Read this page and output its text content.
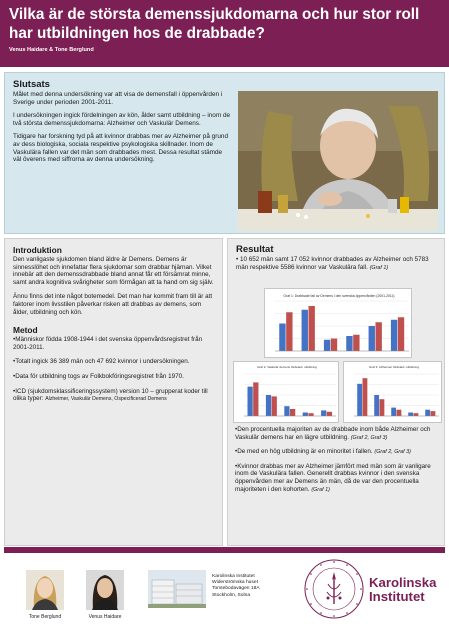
Vilka är de största demenssjukdomarna och hur stor roll har utbildningen hos de drabbade?
Venus Haidare & Tone Berglund
Slutsats

Målet med denna undersökning var att visa de demensfall i öppenvården i Sverige under perioden 2001-2011.

I undersökningen ingick fördelningen av kön, ålder samt utbildning – inom de två största demenssjukdomarna: Alzheimer och Vaskulär Demens.

Tidigare har forskning tyd på att kvinnor drabbas mer av Alzheimer på grund av dess biologiska, sociala respektive psykologiska skillnader. Inom de Vaskulära fallen var det män som drabbades mest. Dessa resultat stämde väl överens med siffrorna av denna undersökning.

Introduktion
Den vanligaste sjukdomen bland äldre är Demens. Demens är sinnesslöhet och innefattar flera sjukdomar som drabbar hjärnan. Vilket innebär att den demenssdrabbade bland annat får ett försämrat minne, samt andra kognitiva svårigheter som förmågan att ta hand om sig själv.
Ännu finns det inte något botemedel. Det man har kommit fram till är att faktorer inom livsstilen påverkar risken att drabbas av demens, som ålder, utbildning och kön.
Metod
•Människor födda 1908-1944 i det svenska öppenvårdsregistret från 2001-2011.
•Totalt ingick 36 389 män och 47 692 kvinnor i undersökningen.
•Data för utbildning togs av Folkbokföringsregistret från 1970.
•ICD (sjukdomsklassificeringssystem) version 10 – grupperat koder till olika typer: Alzheimer, Vaskulär Demens, Ospecificerad Demens
Resultat
• 10 652 män samt 17 052 kvinnor drabbades av Alzheimer och 5783 män respektive 5586 kvinnor var Vaskulära fall. (Graf 1)
Graf 1: Drabbade fall av Demens i den svenska öppenvården (2001-2011)
Graf 2: Vaskulär demens fördelad i utbildning	Graf 3: Alzheimer fördelad i utbildning
•Den procentuella majoriten av de drabbade inom både Alzheimer och Vaskulär demens har en lägre utbildning. (Graf 2, Graf 3)
•De med en hög utbildning är en minoritet i fallen. (Graf 2, Graf 3)
•Kvinnor drabbas mer av Alzheimer jämfört med män som är vanligare inom de Vaskulära fallen. Generellt drabbas kvinnor i den svenska öppenvården mer av Demens än män, då de var den procentuella majoriteten i den kohorten. (Graf 1)
Tone Berglund	Venus Haidare
Karolinska Institutet
Widerströmska huset
Tomtebodavägen 18A
Stockholm, Solna
Karolinska
Institutet
